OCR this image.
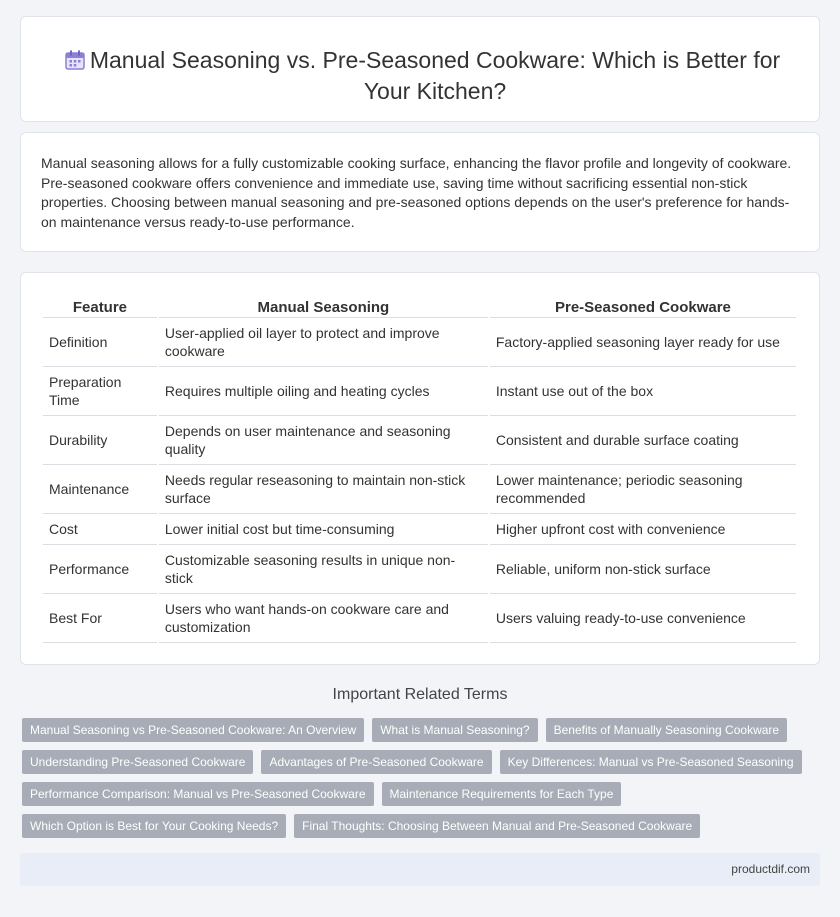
Manual Seasoning vs. Pre-Seasoned Cookware: Which is Better for Your Kitchen?

Manual seasoning allows for a fully customizable cooking surface, enhancing the flavor profile and longevity of cookware. Pre-seasoned cookware offers convenience and immediate use, saving time without sacrificing essential non-stick properties. Choosing between manual seasoning and pre-seasoned options depends on the user's preference for hands-on maintenance versus ready-to-use performance.

Feature	Manual Seasoning	Pre-Seasoned Cookware
Definition	User-applied oil layer to protect and improve cookware	Factory-applied seasoning layer ready for use
Preparation Time	Requires multiple oiling and heating cycles	Instant use out of the box
Durability	Depends on user maintenance and seasoning quality	Consistent and durable surface coating
Maintenance	Needs regular reseasoning to maintain non-stick surface	Lower maintenance; periodic seasoning recommended
Cost	Lower initial cost but time-consuming	Higher upfront cost with convenience
Performance	Customizable seasoning results in unique non-stick	Reliable, uniform non-stick surface
Best For	Users who want hands-on cookware care and customization	Users valuing ready-to-use convenience
Important Related Terms
Manual Seasoning vs Pre-Seasoned Cookware: An Overview	What is Manual Seasoning?	Benefits of Manually Seasoning Cookware
Understanding Pre-Seasoned Cookware	Advantages of Pre-Seasoned Cookware	Key Differences: Manual vs Pre-Seasoned Seasoning
Performance Comparison: Manual vs Pre-Seasoned Cookware	Maintenance Requirements for Each Type
Which Option is Best for Your Cooking Needs?	Final Thoughts: Choosing Between Manual and Pre-Seasoned Cookware
productdif.com
